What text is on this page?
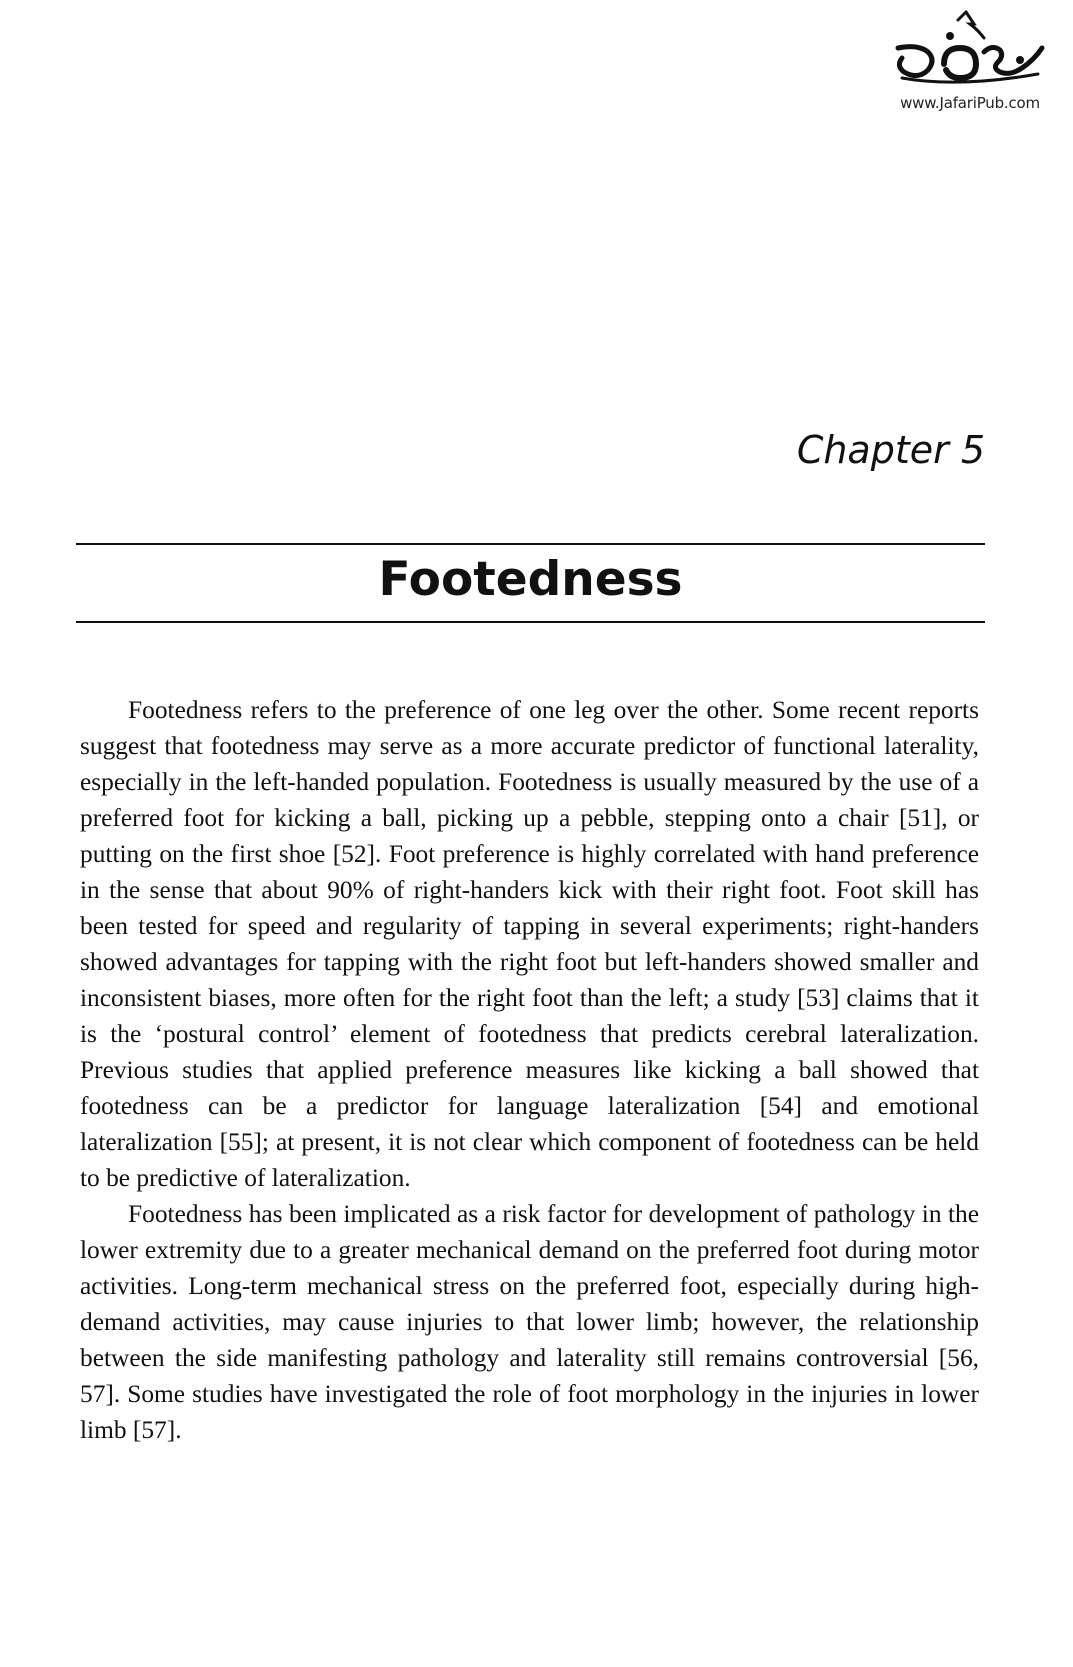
www.JafariPub.com
Chapter 5
Footedness

Footedness refers to the preference of one leg over the other. Some recent reports suggest that footedness may serve as a more accurate predictor of functional laterality, especially in the left-handed population. Footedness is usually measured by the use of a preferred foot for kicking a ball, picking up a pebble, stepping onto a chair [51], or putting on the first shoe [52]. Foot preference is highly correlated with hand preference in the sense that about 90% of right-handers kick with their right foot. Foot skill has been tested for speed and regularity of tapping in several experiments; right-handers showed advantages for tapping with the right foot but left-handers showed smaller and inconsistent biases, more often for the right foot than the left; a study [53] claims that it is the ‘postural control’ element of footedness that predicts cerebral lateralization. Previous studies that applied preference measures like kicking a ball showed that footedness can be a predictor for language lateralization [54] and emotional lateralization [55]; at present, it is not clear which component of footedness can be held to be predictive of lateralization.

Footedness has been implicated as a risk factor for development of pathology in the lower extremity due to a greater mechanical demand on the preferred foot during motor activities. Long-term mechanical stress on the preferred foot, especially during high-demand activities, may cause injuries to that lower limb; however, the relationship between the side manifesting pathology and laterality still remains controversial [56, 57]. Some studies have investigated the role of foot morphology in the injuries in lower limb [57].
